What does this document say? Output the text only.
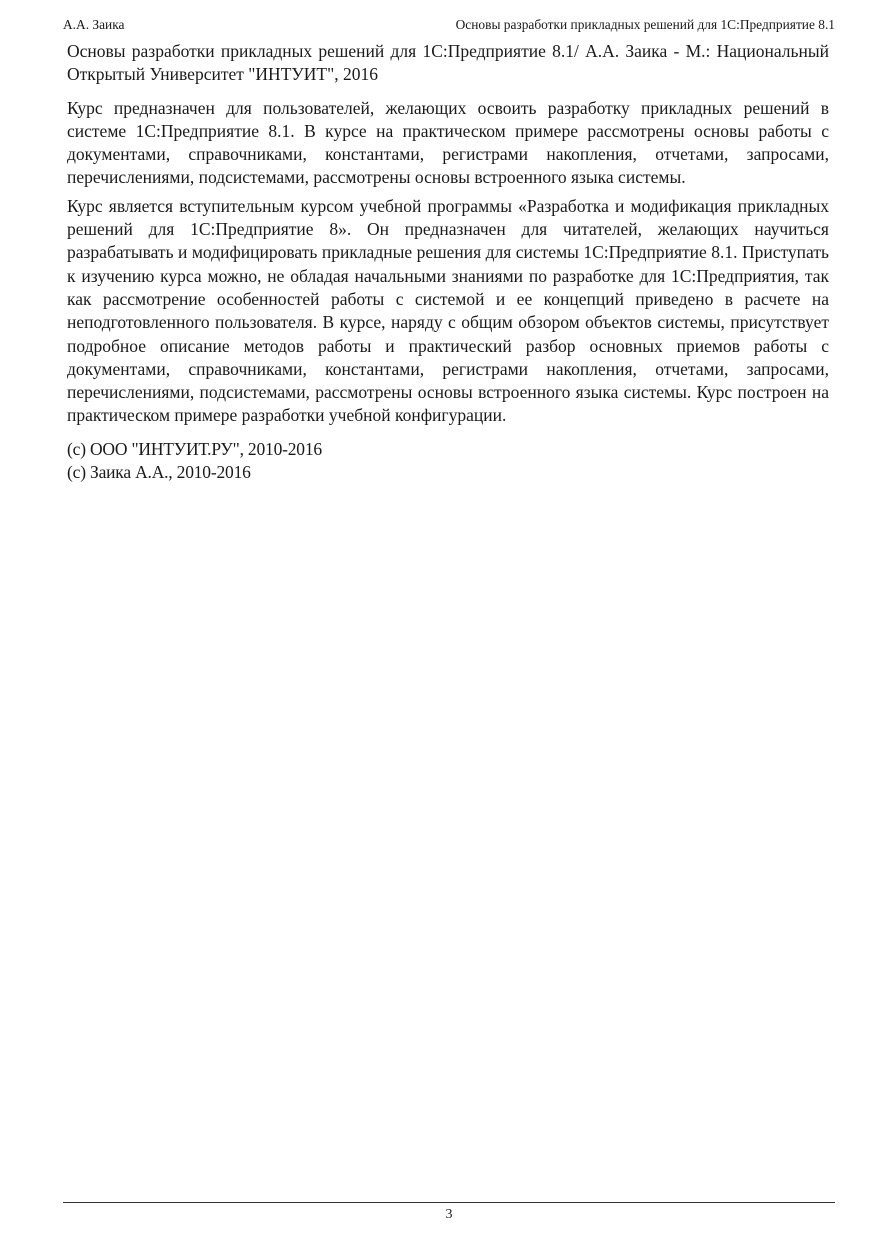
А.А. Заика	Основы разработки прикладных решений для 1С:Предприятие 8.1

Основы разработки прикладных решений для 1С:Предприятие 8.1/ А.А. Заика - М.: Национальный Открытый Университет "ИНТУИТ", 2016

Курс предназначен для пользователей, желающих освоить разработку прикладных решений в системе 1С:Предприятие 8.1. В курсе на практическом примере рассмотрены основы работы с документами, справочниками, константами, регистрами накопления, отчетами, запросами, перечислениями, подсистемами, рассмотрены основы встроенного языка системы.

Курс является вступительным курсом учебной программы «Разработка и модификация прикладных решений для 1С:Предприятие 8». Он предназначен для читателей, желающих научиться разрабатывать и модифицировать прикладные решения для системы 1С:Предприятие 8.1. Приступать к изучению курса можно, не обладая начальными знаниями по разработке для 1С:Предприятия, так как рассмотрение особенностей работы с системой и ее концепций приведено в расчете на неподготовленного пользователя. В курсе, наряду с общим обзором объектов системы, присутствует подробное описание методов работы и практический разбор основных приемов работы с документами, справочниками, константами, регистрами накопления, отчетами, запросами, перечислениями, подсистемами, рассмотрены основы встроенного языка системы. Курс построен на практическом примере разработки учебной конфигурации.

(c) ООО "ИНТУИТ.РУ", 2010-2016

(c) Заика А.А., 2010-2016

3
